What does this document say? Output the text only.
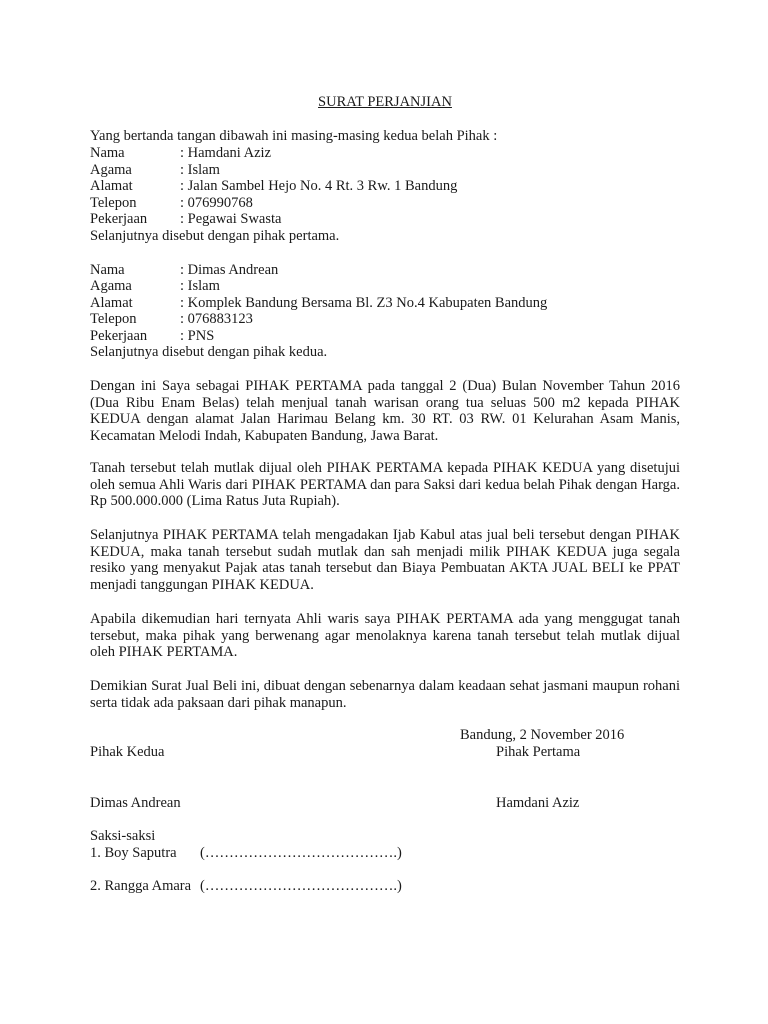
SURAT PERJANJIAN
Yang bertanda tangan dibawah ini masing-masing kedua belah Pihak :
Nama	: Hamdani Aziz
Agama	: Islam
Alamat	: Jalan Sambel Hejo No. 4 Rt. 3 Rw. 1 Bandung
Telepon	: 076990768
Pekerjaan : Pegawai Swasta
Selanjutnya disebut dengan pihak pertama.
Nama	: Dimas Andrean
Agama	: Islam
Alamat	: Komplek Bandung Bersama Bl. Z3 No.4 Kabupaten Bandung
Telepon	: 076883123
Pekerjaan : PNS
Selanjutnya disebut dengan pihak kedua.
Dengan ini Saya sebagai PIHAK PERTAMA pada tanggal 2 (Dua) Bulan November Tahun 2016 (Dua Ribu Enam Belas) telah menjual tanah warisan orang tua seluas 500 m2 kepada PIHAK KEDUA dengan alamat Jalan Harimau Belang km. 30 RT. 03 RW. 01 Kelurahan Asam Manis, Kecamatan Melodi Indah, Kabupaten Bandung, Jawa Barat.
Tanah tersebut telah mutlak dijual oleh PIHAK PERTAMA kepada PIHAK KEDUA yang disetujui oleh semua Ahli Waris dari PIHAK PERTAMA dan para Saksi dari kedua belah Pihak dengan Harga. Rp 500.000.000 (Lima Ratus Juta Rupiah).
Selanjutnya PIHAK PERTAMA telah mengadakan Ijab Kabul atas jual beli tersebut dengan PIHAK KEDUA, maka tanah tersebut sudah mutlak dan sah menjadi milik PIHAK KEDUA juga segala resiko yang menyakut Pajak atas tanah tersebut dan Biaya Pembuatan AKTA JUAL BELI ke PPAT menjadi tanggungan PIHAK KEDUA.
Apabila dikemudian hari ternyata Ahli waris saya PIHAK PERTAMA ada yang menggugat tanah tersebut, maka pihak yang berwenang agar menolaknya karena tanah tersebut telah mutlak dijual oleh PIHAK PERTAMA.
Demikian Surat Jual Beli ini, dibuat dengan sebenarnya dalam keadaan sehat jasmani maupun rohani serta tidak ada paksaan dari pihak manapun.
Bandung, 2 November 2016
Pihak Kedua	Pihak Pertama
Dimas Andrean	Hamdani Aziz
Saksi-saksi
1. Boy Saputra (………………………………….)
2. Rangga Amara (………………………………….)
